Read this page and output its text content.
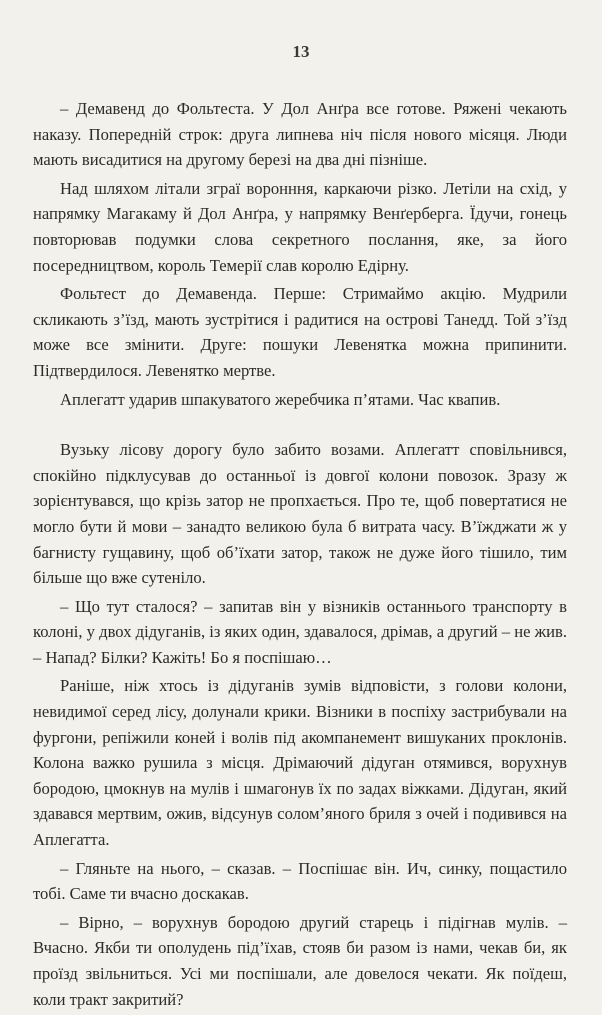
13

– Демавенд до Фольтеста. У Дол Анґра все готове. Ряжені чекають наказу. Попередній строк: друга липнева ніч після нового місяця. Люди мають висадитися на другому березі на два дні пізніше.

Над шляхом літали зграї воронння, каркаючи різко. Летіли на схід, у напрямку Магакаму й Дол Анґра, у напрямку Венґерберга. Їдучи, гонець повторював подумки слова секретного послання, яке, за його посередництвом, король Темерії слав королю Едірну.

Фольтест до Демавенда. Перше: Стримаймо акцію. Мудрили скликають з’їзд, мають зустрітися і радитися на острові Танедд. Той з’їзд може все змінити. Друге: пошуки Левенятка можна припинити. Підтвердилося. Левенятко мертве.

Аплегатт ударив шпакуватого жеребчика п’ятами. Час квапив.

Вузьку лісову дорогу було забито возами. Аплегатт сповільнився, спокійно підклусував до останньої із довгої колони повозок. Зразу ж зорієнтувався, що крізь затор не пропхається. Про те, щоб повертатися не могло бути й мови – занадто великою була б витрата часу. В’їжджати ж у багнисту гущавину, щоб об’їхати затор, також не дуже його тішило, тим більше що вже сутеніло.

– Що тут сталося? – запитав він у візників останнього транспорту в колоні, у двох дідуганів, із яких один, здавалося, дрімав, а другий – не жив. – Напад? Білки? Кажіть! Бо я поспішаю…

Раніше, ніж хтось із дідуганів зумів відповісти, з голови колони, невидимої серед лісу, долунали крики. Візники в поспіху застрибували на фургони, репіжили коней і волів під акомпанемент вишуканих проклонів. Колона важко рушила з місця. Дрімаючий дідуган отямився, ворухнув бородою, цмокнув на мулів і шмагонув їх по задах віжками. Дідуган, який здавався мертвим, ожив, відсунув солом’яного бриля з очей і подивився на Аплегатта.

– Гляньте на нього, – сказав. – Поспішає він. Ич, синку, пощастило тобі. Саме ти вчасно доскакав.

– Вірно, – ворухнув бородою другий старець і підігнав мулів. – Вчасно. Якби ти ополудень під’їхав, стояв би разом із нами, чекав би, як проїзд звільниться. Усі ми поспішали, але довелося чекати. Як поїдеш, коли тракт закритий?
